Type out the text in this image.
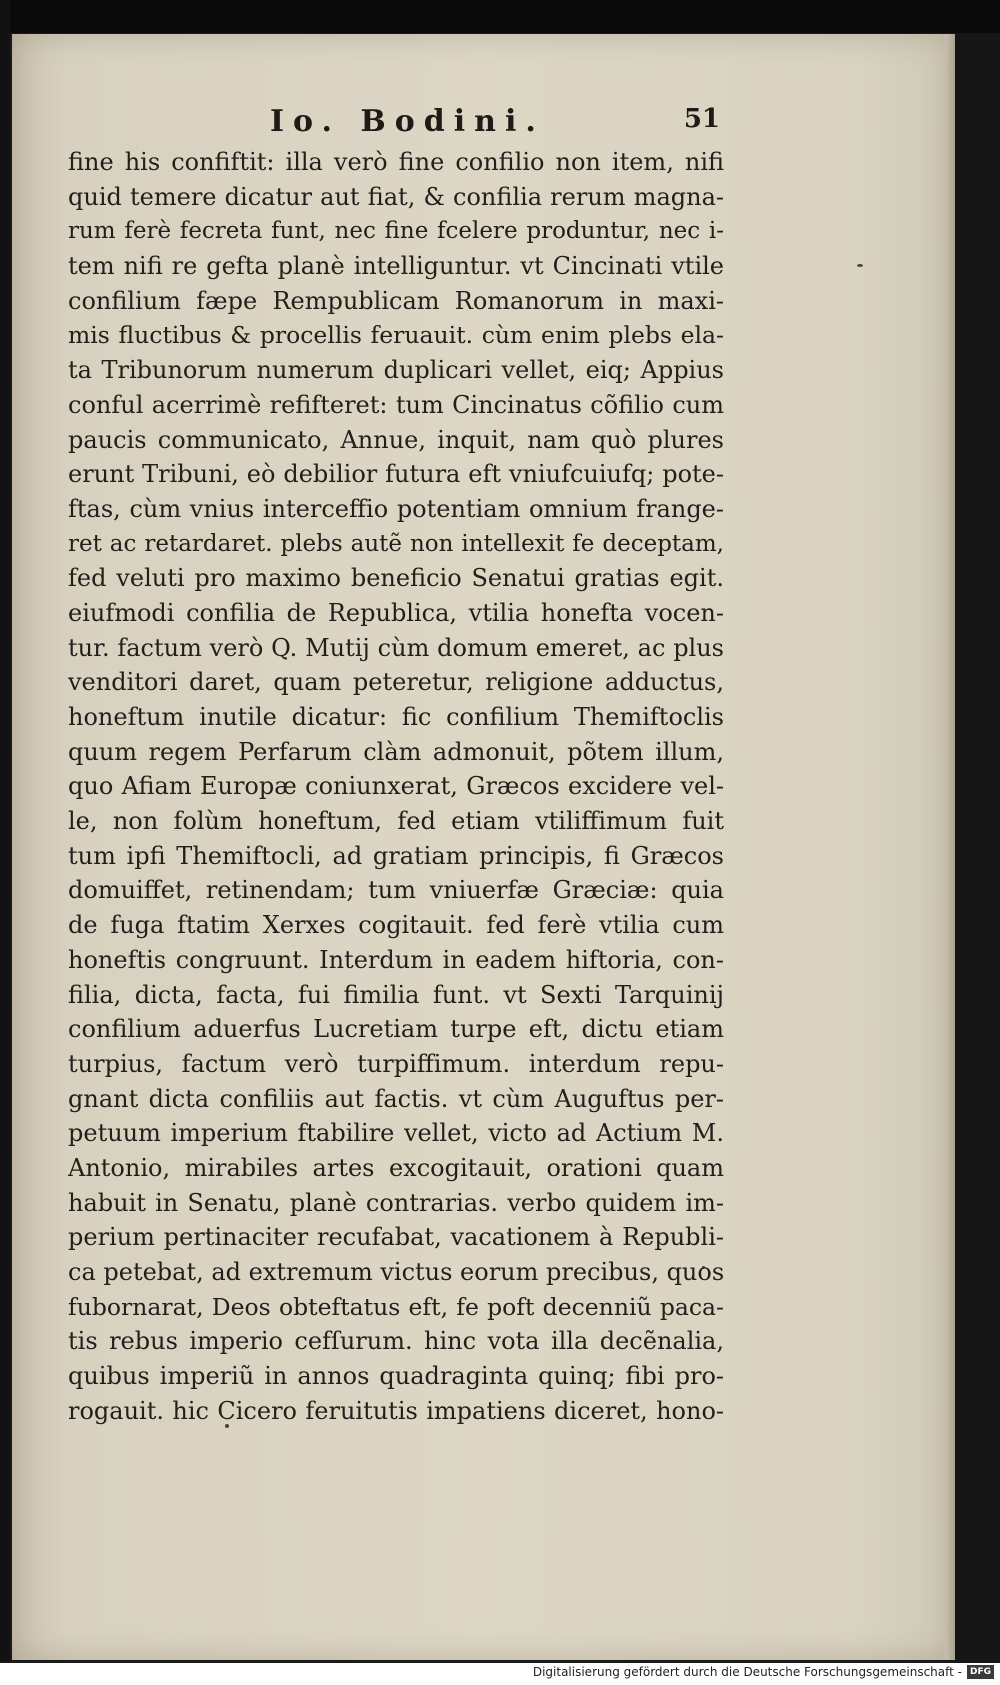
Io. Bodini.	51
fine his confiftit: illa verò fine confilio non item, nifi
quid temere dicatur aut fiat, & confilia rerum magna-
rum ferè fecreta funt, nec fine fcelere produntur, nec i-
tem nifi re gefta planè intelliguntur. vt Cincinati vtile
confilium fæpe Rempublicam Romanorum in maxi-
mis fluctibus & procellis feruauit. cùm enim plebs ela-
ta Tribunorum numerum duplicari vellet, eiq; Appius
conful acerrimè refifteret: tum Cincinatus cõfilio cum
paucis communicato, Annue, inquit, nam quò plures
erunt Tribuni, eò debilior futura eft vniufcuiufq; pote-
ftas, cùm vnius interceffio potentiam omnium frange-
ret ac retardaret. plebs autẽ non intellexit fe deceptam,
fed veluti pro maximo beneficio Senatui gratias egit.
eiufmodi confilia de Republica, vtilia honefta vocen-
tur. factum verò Q. Mutij cùm domum emeret, ac plus
venditori daret, quam peteretur, religione adductus,
honeftum inutile dicatur: fic confilium Themiftoclis
quum regem Perfarum clàm admonuit, põtem illum,
quo Afiam Europæ coniunxerat, Græcos excidere vel-
le, non folùm honeftum, fed etiam vtiliffimum fuit
tum ipfi Themiftocli, ad gratiam principis, fi Græcos
domuiffet, retinendam; tum vniuerfæ Græciæ: quia
de fuga ftatim Xerxes cogitauit. fed ferè vtilia cum
honeftis congruunt. Interdum in eadem hiftoria, con-
filia, dicta, facta, fui fimilia funt. vt Sexti Tarquinij
confilium aduerfus Lucretiam turpe eft, dictu etiam
turpius, factum verò turpiffimum. interdum repu-
gnant dicta confiliis aut factis. vt cùm Auguftus per-
petuum imperium ftabilire vellet, victo ad Actium M.
Antonio, mirabiles artes excogitauit, orationi quam
habuit in Senatu, planè contrarias. verbo quidem im-
perium pertinaciter recufabat, vacationem à Republi-
ca petebat, ad extremum victus eorum precibus, quos
fubornarat, Deos obteftatus eft, fe poft decenniũ paca-
tis rebus imperio cefſurum. hinc vota illa decẽnalia,
quibus imperiũ in annos quadraginta quinq; fibi pro-
rogauit. hic Cicero feruitutis impatiens diceret, hono-
Digitalisierung gefördert durch die Deutsche Forschungsgemeinschaft - DFG
